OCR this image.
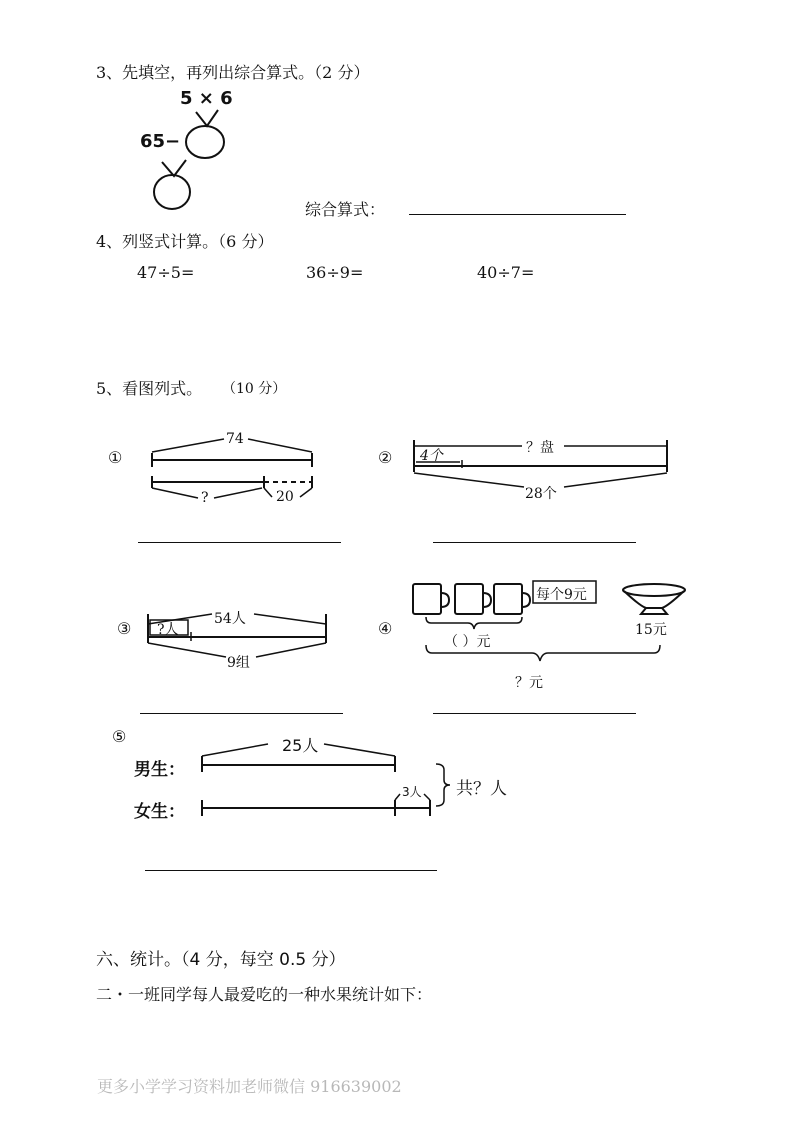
3、先填空，再列出综合算式。（2 分）
5 × 6
65−
综合算式：
4、列竖式计算。（6 分）
47÷5=	36÷9=	40÷7=
5、看图列式。 （10 分）
①
74
?	20
② 4个	？盘
28个
③ ?人
54人
9组
④
每个9元
（ ）元
15元
？元
⑤
男生：
女生：
25人
3人 共？人
六、统计。（4 分，每空 0.5 分）
二・一班同学每人最爱吃的一种水果统计如下：
更多小学学习资料加老师微信 916639002
